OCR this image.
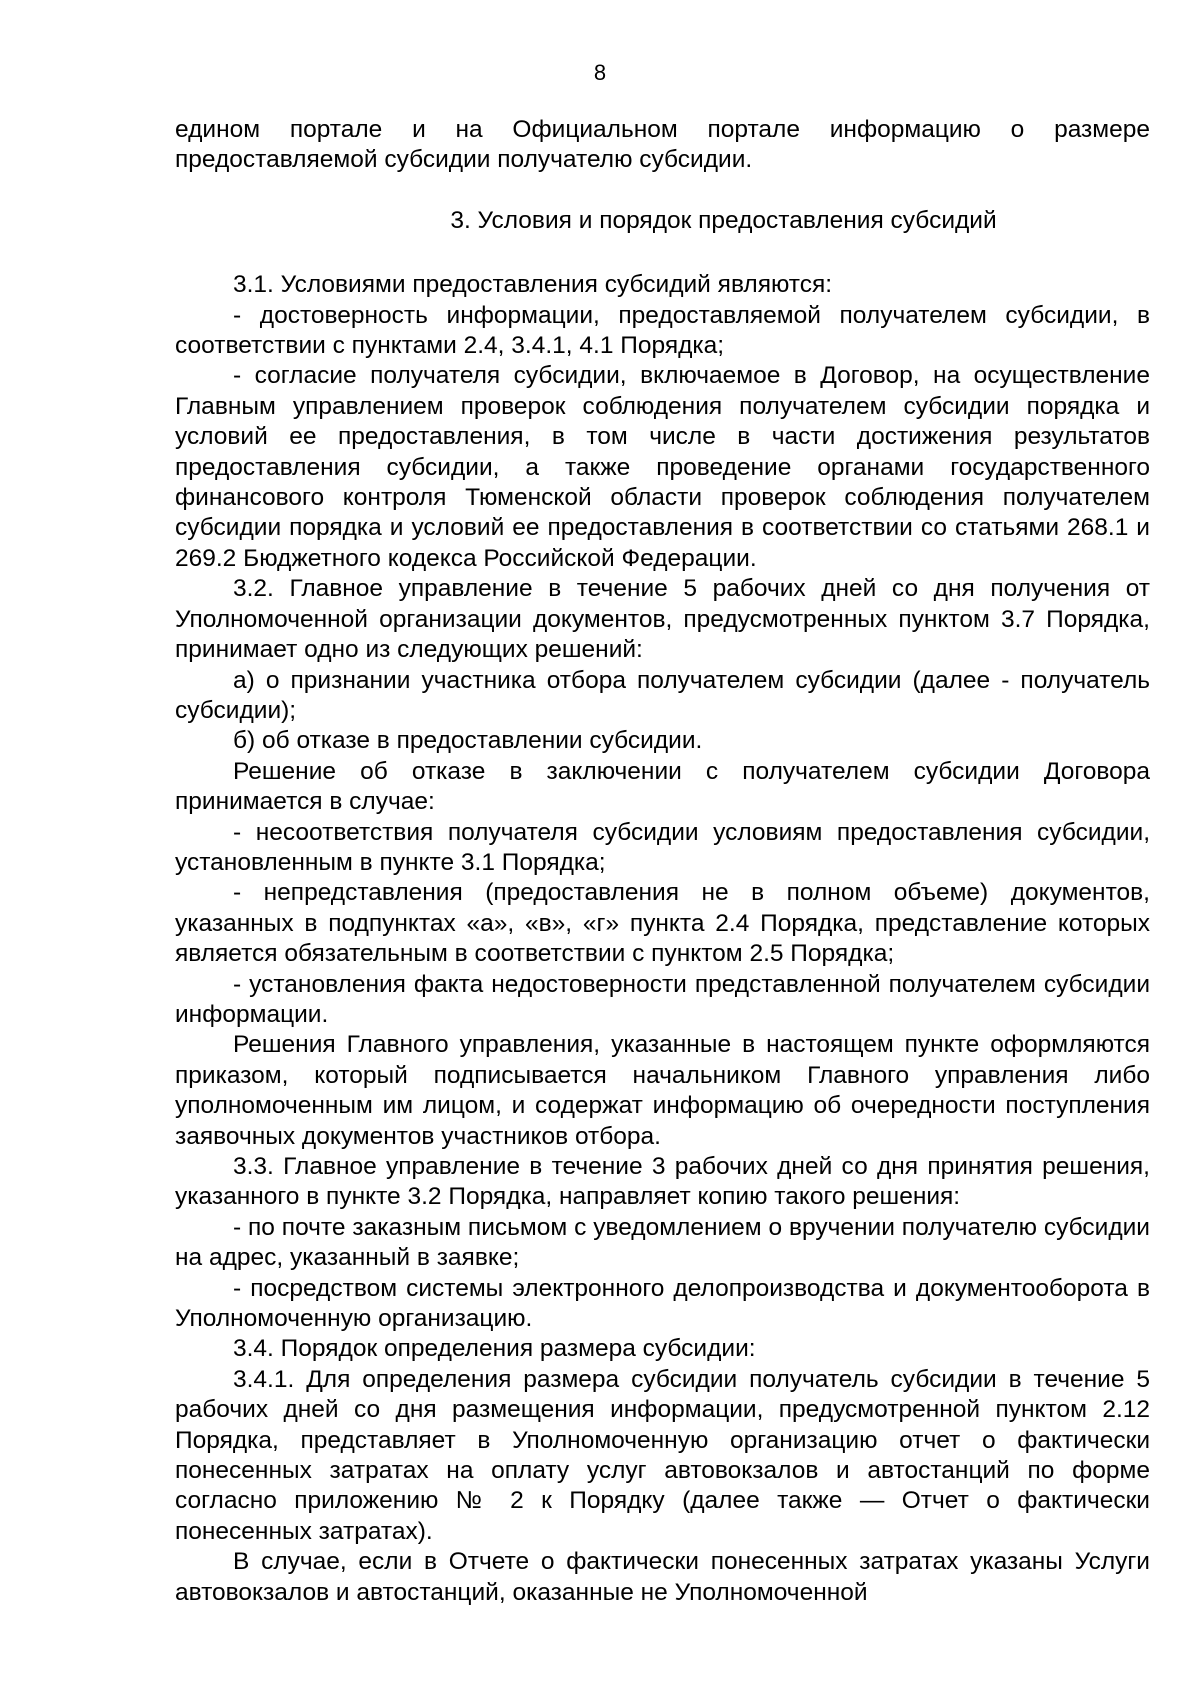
8

едином портале и на Официальном портале информацию о размере предоставляемой субсидии получателю субсидии.

3. Условия и порядок предоставления субсидий

3.1. Условиями предоставления субсидий являются:

- достоверность информации, предоставляемой получателем субсидии, в соответствии с пунктами 2.4, 3.4.1, 4.1 Порядка;

- согласие получателя субсидии, включаемое в Договор, на осуществление Главным управлением проверок соблюдения получателем субсидии порядка и условий ее предоставления, в том числе в части достижения результатов предоставления субсидии, а также проведение органами государственного финансового контроля Тюменской области проверок соблюдения получателем субсидии порядка и условий ее предоставления в соответствии со статьями 268.1 и 269.2 Бюджетного кодекса Российской Федерации.

3.2. Главное управление в течение 5 рабочих дней со дня получения от Уполномоченной организации документов, предусмотренных пунктом 3.7 Порядка, принимает одно из следующих решений:

а) о признании участника отбора получателем субсидии (далее - получатель субсидии);

б) об отказе в предоставлении субсидии.

Решение об отказе в заключении с получателем субсидии Договора принимается в случае:

- несоответствия получателя субсидии условиям предоставления субсидии, установленным в пункте 3.1 Порядка;

- непредставления (предоставления не в полном объеме) документов, указанных в подпунктах «а», «в», «г» пункта 2.4 Порядка, представление которых является обязательным в соответствии с пунктом 2.5 Порядка;

- установления факта недостоверности представленной получателем субсидии информации.

Решения Главного управления, указанные в настоящем пункте оформляются приказом, который подписывается начальником Главного управления либо уполномоченным им лицом, и содержат информацию об очередности поступления заявочных документов участников отбора.

3.3. Главное управление в течение 3 рабочих дней со дня принятия решения, указанного в пункте 3.2 Порядка, направляет копию такого решения:

- по почте заказным письмом с уведомлением о вручении получателю субсидии на адрес, указанный в заявке;

- посредством системы электронного делопроизводства и документооборота в Уполномоченную организацию.

3.4. Порядок определения размера субсидии:

3.4.1. Для определения размера субсидии получатель субсидии в течение 5 рабочих дней со дня размещения информации, предусмотренной пунктом 2.12 Порядка, представляет в Уполномоченную организацию отчет о фактически понесенных затратах на оплату услуг автовокзалов и автостанций по форме согласно приложению № 2 к Порядку (далее также — Отчет о фактически понесенных затратах).

В случае, если в Отчете о фактически понесенных затратах указаны Услуги автовокзалов и автостанций, оказанные не Уполномоченной
